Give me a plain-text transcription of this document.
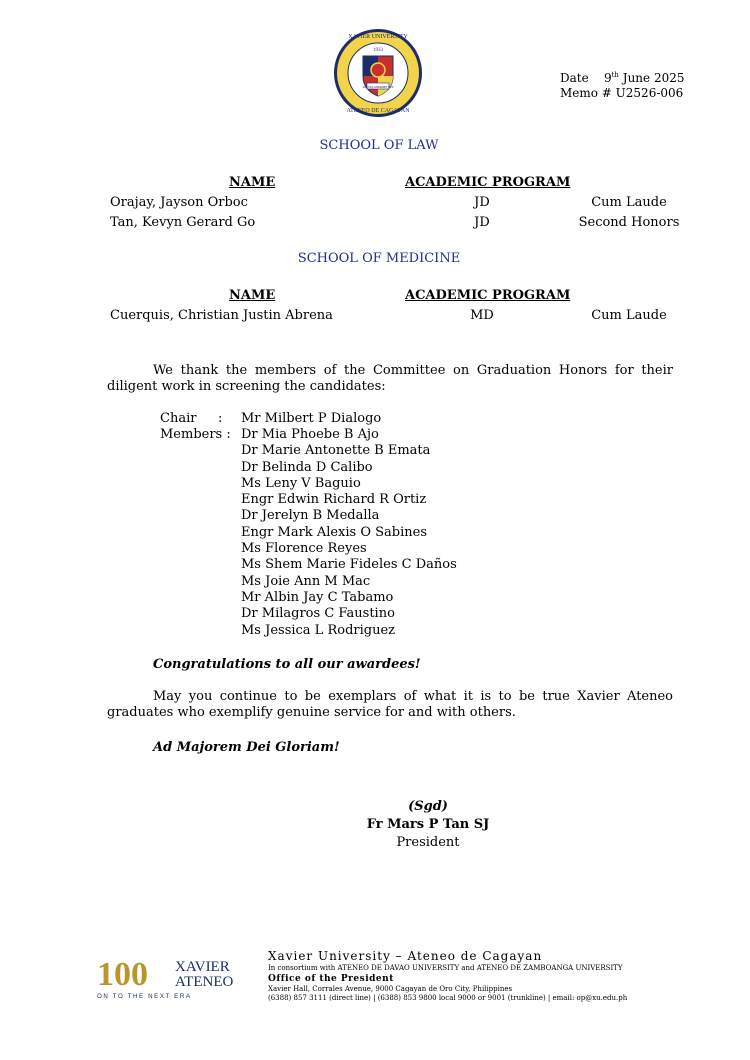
1933
XAVIER UNIVERSITY
ATENEO DE CAGAYAN
VERITAS LIBERABIT VOS
Date 9th June 2025
Memo # U2526-006
SCHOOL OF LAW
NAME	ACADEMIC PROGRAM
Orajay, Jayson Orboc	JD	Cum Laude
Tan, Kevyn Gerard Go	JD	Second Honors
SCHOOL OF MEDICINE
NAME	ACADEMIC PROGRAM
Cuerquis, Christian Justin Abrena	MD	Cum Laude
We thank the members of the Committee on Graduation Honors for their diligent work in screening the candidates:
Chair : Mr Milbert P Dialogo
Members : Dr Mia Phoebe B Ajo
Dr Marie Antonette B Emata
Dr Belinda D Calibo
Ms Leny V Baguio
Engr Edwin Richard R Ortiz
Dr Jerelyn B Medalla
Engr Mark Alexis O Sabines
Ms Florence Reyes
Ms Shem Marie Fideles C Daños
Ms Joie Ann M Mac
Mr Albin Jay C Tabamo
Dr Milagros C Faustino
Ms Jessica L Rodriguez
Congratulations to all our awardees!
May you continue to be exemplars of what it is to be true Xavier Ateneo graduates who exemplify genuine service for and with others.
Ad Majorem Dei Gloriam!
(Sgd)
Fr Mars P Tan SJ
President
100 XAVIER
ATENEO
ON TO THE NEXT ERA
Xavier University – Ateneo de Cagayan
In consortium with ATENEO DE DAVAO UNIVERSITY and ATENEO DE ZAMBOANGA UNIVERSITY
Office of the President
Xavier Hall, Corrales Avenue, 9000 Cagayan de Oro City, Philippines
(6388) 857 3111 (direct line) | (6388) 853 9800 local 9000 or 9001 (trunkline) | email: op@xu.edu.ph
